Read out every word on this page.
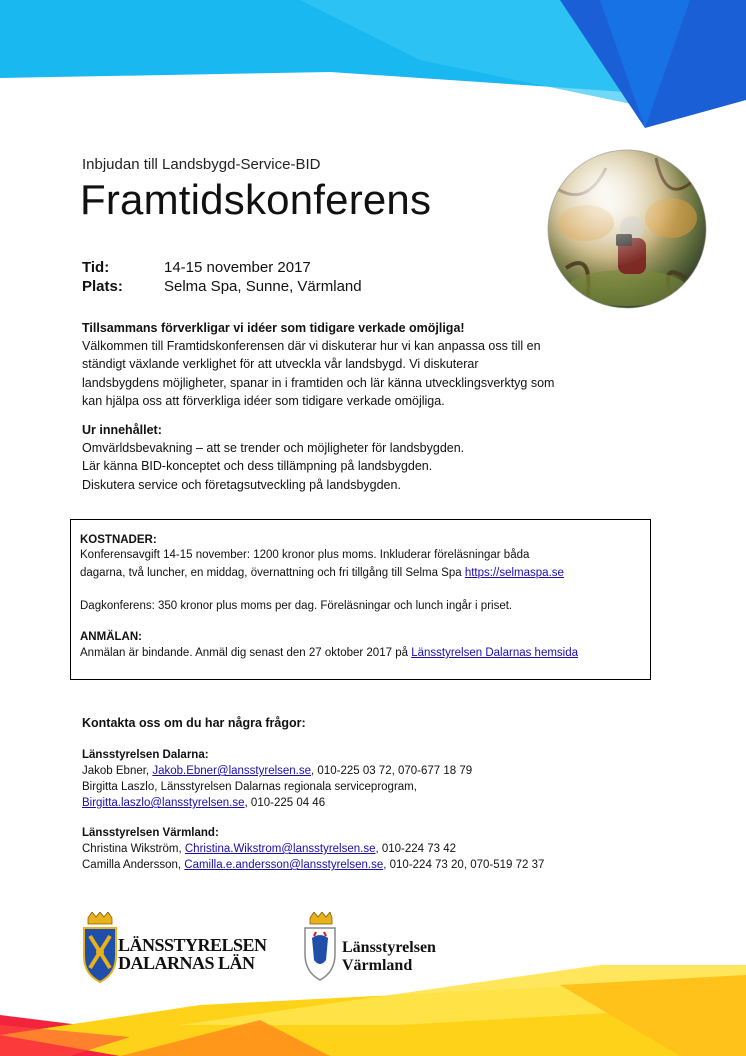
Inbjudan till Landsbygd-Service-BID
Framtidskonferens
Tid:	14-15 november 2017
Plats:	Selma Spa, Sunne, Värmland
Tillsammans förverkligar vi idéer som tidigare verkade omöjliga!
Välkommen till Framtidskonferensen där vi diskuterar hur vi kan anpassa oss till en
ständigt växlande verklighet för att utveckla vår landsbygd. Vi diskuterar
landsbygdens möjligheter, spanar in i framtiden och lär känna utvecklingsverktyg som
kan hjälpa oss att förverkliga idéer som tidigare verkade omöjliga.
Ur innehållet:
Omvärldsbevakning – att se trender och möjligheter för landsbygden.
Lär känna BID-konceptet och dess tillämpning på landsbygden.
Diskutera service och företagsutveckling på landsbygden.
KOSTNADER:
Konferensavgift 14-15 november: 1200 kronor plus moms. Inkluderar föreläsningar båda
dagarna, två luncher, en middag, övernattning och fri tillgång till Selma Spa https://selmaspa.se
Dagkonferens: 350 kronor plus moms per dag. Föreläsningar och lunch ingår i priset.
ANMÄLAN:
Anmälan är bindande. Anmäl dig senast den 27 oktober 2017 på Länsstyrelsen Dalarnas hemsida
Kontakta oss om du har några frågor:
Länsstyrelsen Dalarna:
Jakob Ebner, Jakob.Ebner@lansstyrelsen.se, 010-225 03 72, 070-677 18 79
Birgitta Laszlo, Länsstyrelsen Dalarnas regionala serviceprogram,
Birgitta.laszlo@lansstyrelsen.se, 010-225 04 46
Länsstyrelsen Värmland:
Christina Wikström, Christina.Wikstrom@lansstyrelsen.se, 010-224 73 42
Camilla Andersson, Camilla.e.andersson@lansstyrelsen.se, 010-224 73 20, 070-519 72 37
LÄNSSTYRELSEN
DALARNAS LÄN
Länsstyrelsen
Värmland
